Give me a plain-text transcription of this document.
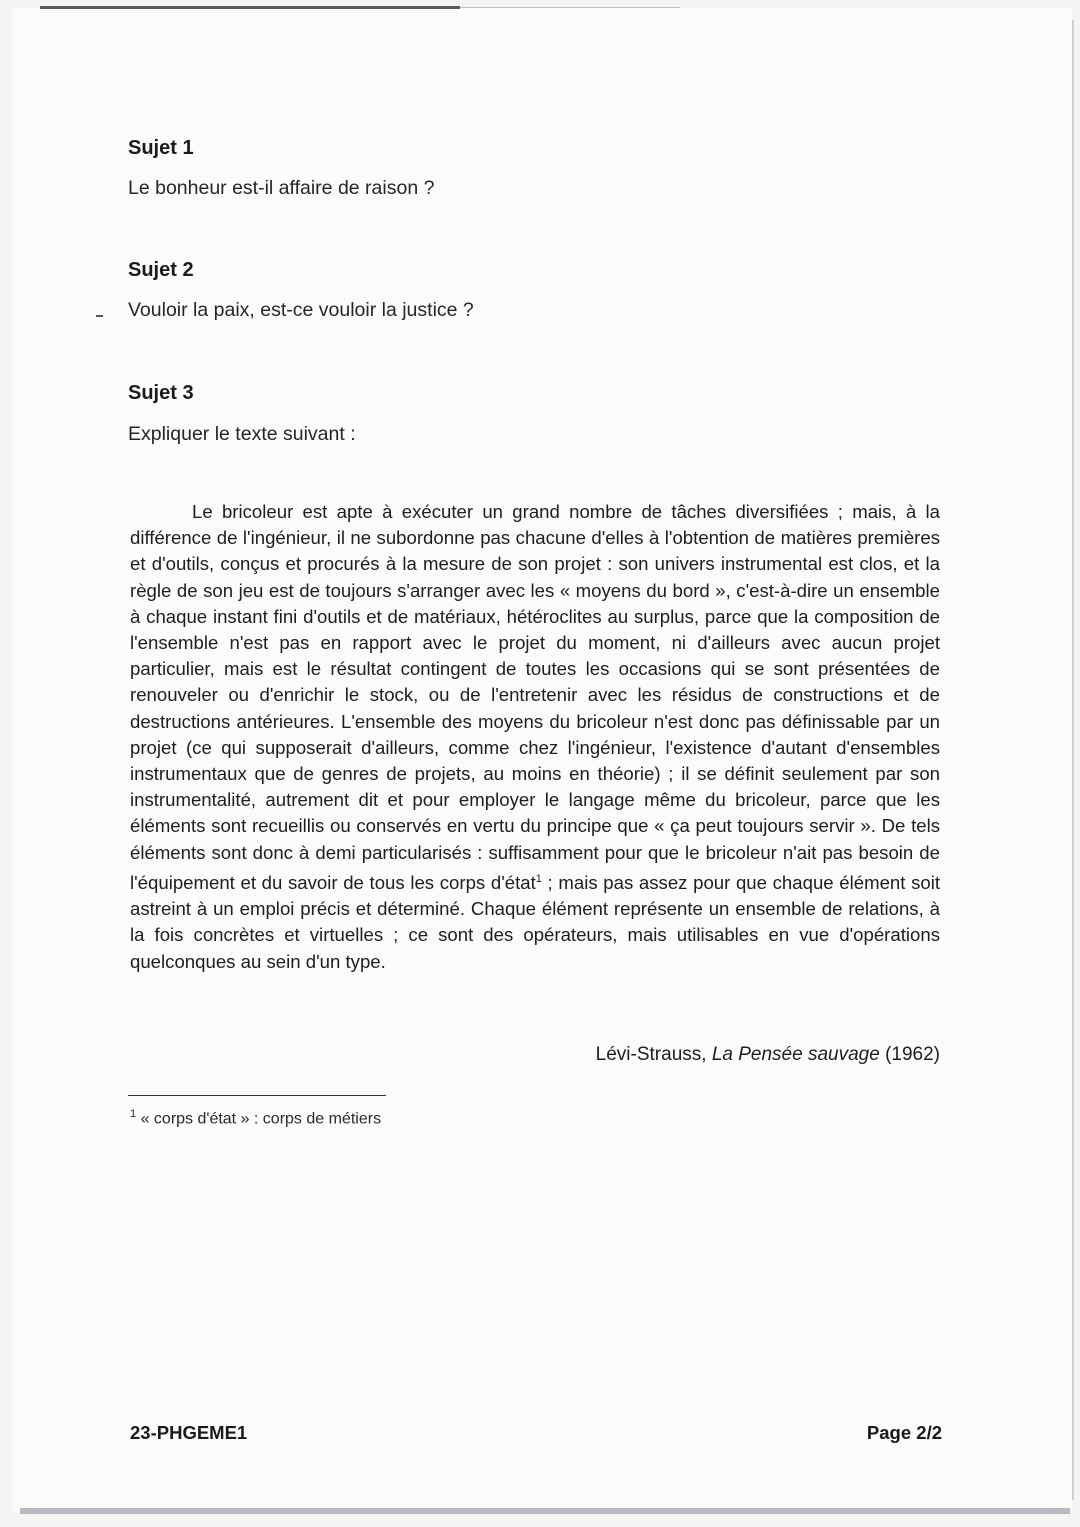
Sujet 1
Le bonheur est-il affaire de raison ?
Sujet 2
Vouloir la paix, est-ce vouloir la justice ?
Sujet 3
Expliquer le texte suivant :

Le bricoleur est apte à exécuter un grand nombre de tâches diversifiées ; mais, à la différence de l'ingénieur, il ne subordonne pas chacune d'elles à l'obtention de matières premières et d'outils, conçus et procurés à la mesure de son projet : son univers instrumental est clos, et la règle de son jeu est de toujours s'arranger avec les « moyens du bord », c'est-à-dire un ensemble à chaque instant fini d'outils et de matériaux, hétéroclites au surplus, parce que la composition de l'ensemble n'est pas en rapport avec le projet du moment, ni d'ailleurs avec aucun projet particulier, mais est le résultat contingent de toutes les occasions qui se sont présentées de renouveler ou d'enrichir le stock, ou de l'entretenir avec les résidus de constructions et de destructions antérieures. L'ensemble des moyens du bricoleur n'est donc pas définissable par un projet (ce qui supposerait d'ailleurs, comme chez l'ingénieur, l'existence d'autant d'ensembles instrumentaux que de genres de projets, au moins en théorie) ; il se définit seulement par son instrumentalité, autrement dit et pour employer le langage même du bricoleur, parce que les éléments sont recueillis ou conservés en vertu du principe que « ça peut toujours servir ». De tels éléments sont donc à demi particularisés : suffisamment pour que le bricoleur n'ait pas besoin de l'équipement et du savoir de tous les corps d'état$^1$ ; mais pas assez pour que chaque élément soit astreint à un emploi précis et déterminé. Chaque élément représente un ensemble de relations, à la fois concrètes et virtuelles ; ce sont des opérateurs, mais utilisables en vue d'opérations quelconques au sein d'un type.

Lévi-Strauss, La Pensée sauvage (1962)
$^1$ « corps d'état » : corps de métiers
23-PHGEME1	Page 2/2
